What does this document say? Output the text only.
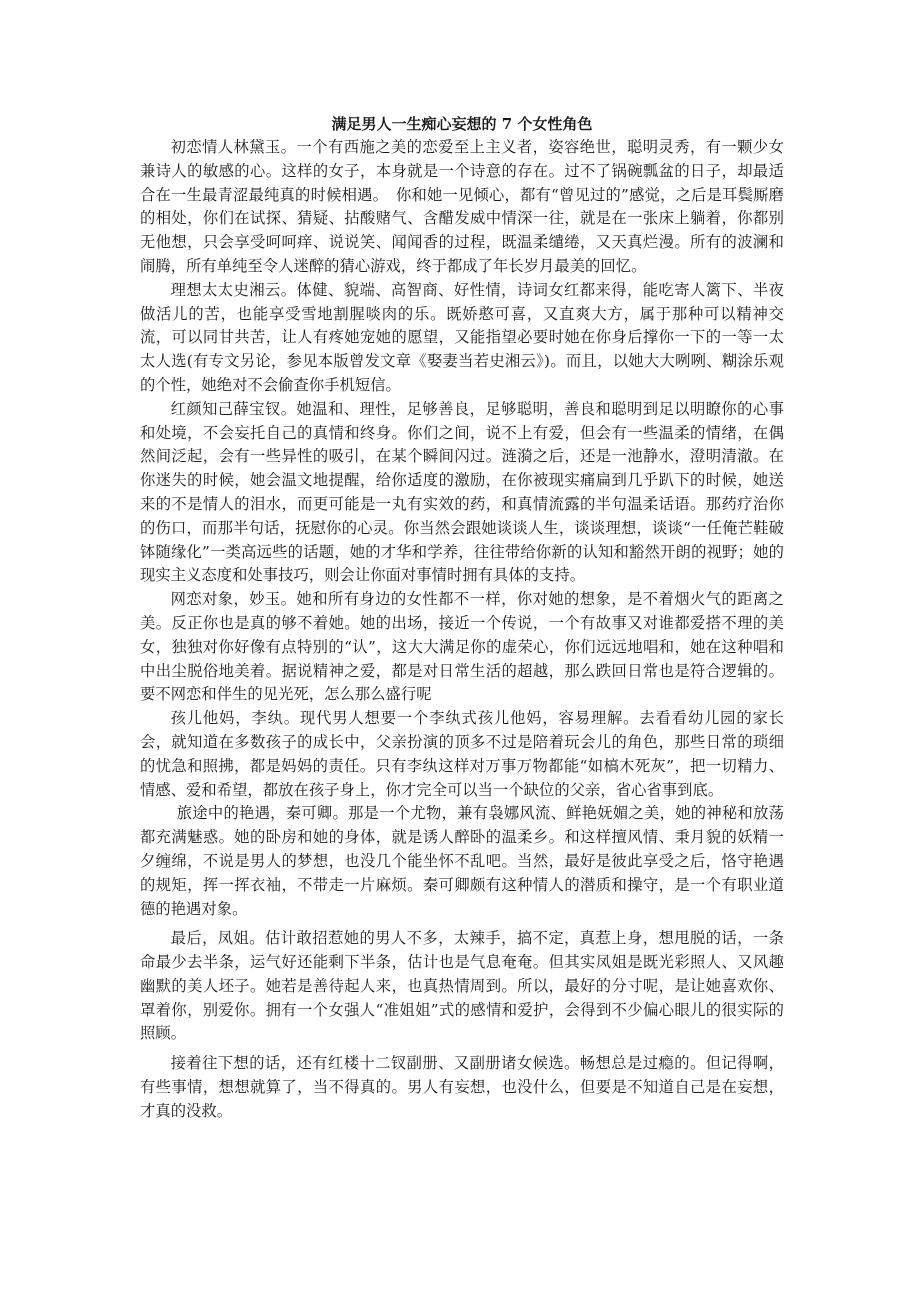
满足男人一生痴心妄想的 7 个女性角色

初恋情人林黛玉。一个有西施之美的恋爱至上主义者，姿容绝世，聪明灵秀，有一颗少女兼诗人的敏感的心。这样的女子，本身就是一个诗意的存在。过不了锅碗瓢盆的日子，却最适合在一生最青涩最纯真的时候相遇。　你和她一见倾心，都有“曾见过的”感觉，之后是耳鬓厮磨的相处，你们在试探、猜疑、拈酸赌气、含醋发威中情深一往，就是在一张床上躺着，你都别无他想，只会享受呵呵痒、说说笑、闻闻香的过程，既温柔缱绻，又天真烂漫。所有的波澜和闹腾，所有单纯至令人迷醉的猜心游戏，终于都成了年长岁月最美的回忆。

理想太太史湘云。体健、貌端、高智商、好性情，诗词女红都来得，能吃寄人篱下、半夜做活儿的苦，也能享受雪地割腥啖肉的乐。既娇憨可喜，又直爽大方，属于那种可以精神交流，可以同甘共苦，让人有疼她宠她的愿望，又能指望必要时她在你身后撑你一下的一等一太太人选(有专文另论，参见本版曾发文章《娶妻当若史湘云》)。而且，以她大大咧咧、糊涂乐观的个性，她绝对不会偷查你手机短信。

红颜知己薛宝钗。她温和、理性，足够善良，足够聪明，善良和聪明到足以明瞭你的心事和处境，不会妄托自己的真情和终身。你们之间，说不上有爱，但会有一些温柔的情绪，在偶然间泛起，会有一些异性的吸引，在某个瞬间闪过。涟漪之后，还是一池静水，澄明清澈。在你迷失的时候，她会温文地提醒，给你适度的激励，在你被现实痛扁到几乎趴下的时候，她送来的不是情人的泪水，而更可能是一丸有实效的药，和真情流露的半句温柔话语。那药疗治你的伤口，而那半句话，抚慰你的心灵。你当然会跟她谈谈人生，谈谈理想，谈谈“一任俺芒鞋破钵随缘化”一类高远些的话题，她的才华和学养，往往带给你新的认知和豁然开朗的视野；她的现实主义态度和处事技巧，则会让你面对事情时拥有具体的支持。

网恋对象，妙玉。她和所有身边的女性都不一样，你对她的想象，是不着烟火气的距离之美。反正你也是真的够不着她。她的出场，接近一个传说，一个有故事又对谁都爱搭不理的美女，独独对你好像有点特别的“认”，这大大满足你的虚荣心，你们远远地唱和，她在这种唱和中出尘脱俗地美着。据说精神之爱，都是对日常生活的超越，那么跌回日常也是符合逻辑的。要不网恋和伴生的见光死，怎么那么盛行呢

孩儿他妈，李纨。现代男人想要一个李纨式孩儿他妈，容易理解。去看看幼儿园的家长会，就知道在多数孩子的成长中，父亲扮演的顶多不过是陪着玩会儿的角色，那些日常的琐细的忧急和照拂，都是妈妈的责任。只有李纨这样对万事万物都能“如槁木死灰”，把一切精力、情感、爱和希望，都放在孩子身上，你才完全可以当一个缺位的父亲，省心省事到底。

旅途中的艳遇，秦可卿。那是一个尤物，兼有袅娜风流、鲜艳妩媚之美，她的神秘和放荡都充满魅惑。她的卧房和她的身体，就是诱人醉卧的温柔乡。和这样擅风情、秉月貌的妖精一夕缠绵，不说是男人的梦想，也没几个能坐怀不乱吧。当然，最好是彼此享受之后，恪守艳遇的规矩，挥一挥衣袖，不带走一片麻烦。秦可卿颇有这种情人的潜质和操守，是一个有职业道德的艳遇对象。

最后，凤姐。估计敢招惹她的男人不多，太辣手，搞不定，真惹上身，想甩脱的话，一条命最少去半条，运气好还能剩下半条，估计也是气息奄奄。但其实凤姐是既光彩照人、又风趣幽默的美人坯子。她若是善待起人来，也真热情周到。所以，最好的分寸呢，是让她喜欢你、罩着你，别爱你。拥有一个女强人“准姐姐”式的感情和爱护，会得到不少偏心眼儿的很实际的照顾。

接着往下想的话，还有红楼十二钗副册、又副册诸女候选。畅想总是过瘾的。但记得啊，有些事情，想想就算了，当不得真的。男人有妄想，也没什么，但要是不知道自己是在妄想，才真的没救。
